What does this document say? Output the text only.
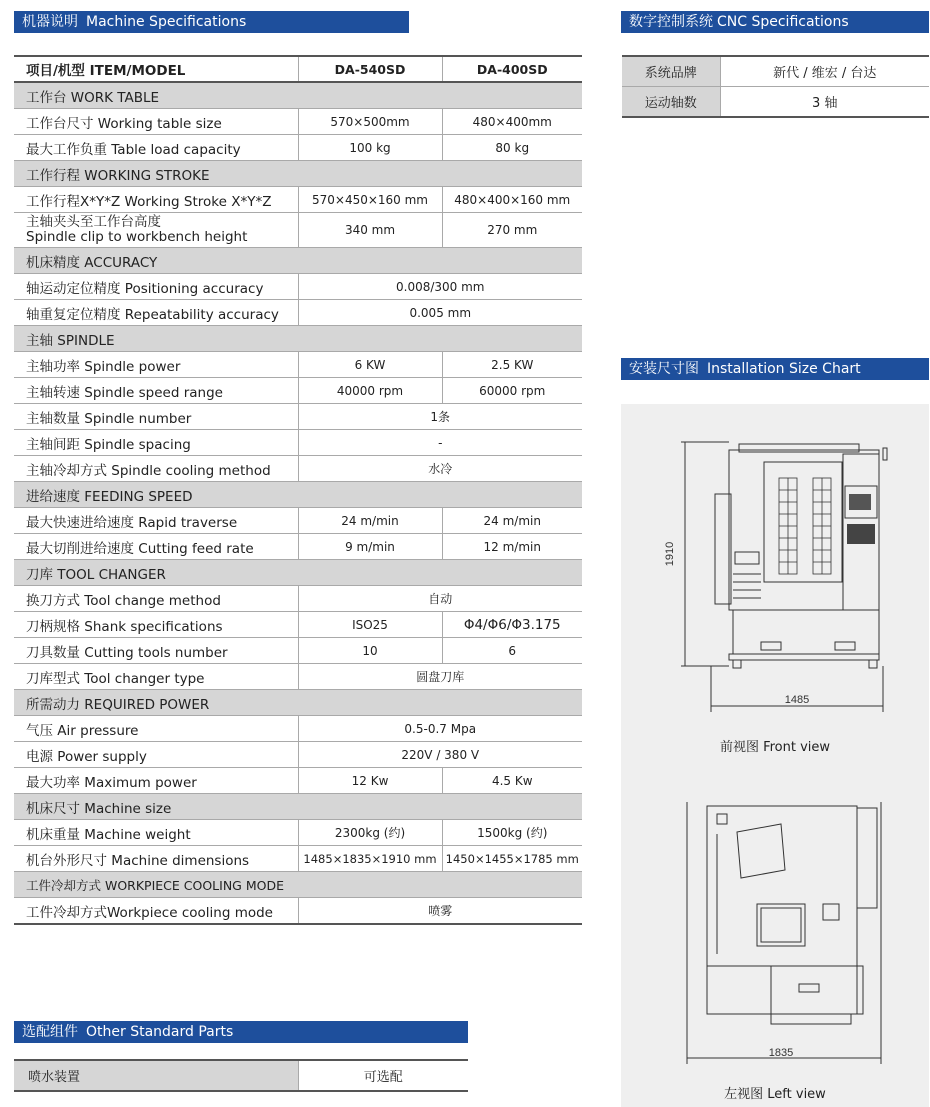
机器说明 Machine Specifications
项目/机型 ITEM/MODEL	DA-540SD	DA-400SD
工作台 WORK TABLE		
工作台尺寸 Working table size	570×500mm	480×400mm
最大工作负重 Table load capacity	100 kg	80 kg
工作行程 WORKING STROKE		
工作行程X*Y*Z Working Stroke X*Y*Z	570×450×160 mm	480×400×160 mm
主轴夹头至工作台高度
Spindle clip to workbench height	340 mm	270 mm
机床精度 ACCURACY		
轴运动定位精度 Positioning accuracy	0.008/300 mm	
轴重复定位精度 Repeatability accuracy	0.005 mm	
主轴 SPINDLE		
主轴功率 Spindle power	6 KW	2.5 KW
主轴转速 Spindle speed range	40000 rpm	60000 rpm
主轴数量 Spindle number	1条	
主轴间距 Spindle spacing	-	
主轴冷却方式 Spindle cooling method	水冷	
进给速度 FEEDING SPEED		
最大快速进给速度 Rapid traverse	24 m/min	24 m/min
最大切削进给速度 Cutting feed rate	9 m/min	12 m/min
刀库 TOOL CHANGER		
换刀方式 Tool change method	自动	
刀柄规格 Shank specifications	ISO25	Φ4/Φ6/Φ3.175
刀具数量 Cutting tools number	10	6
刀库型式 Tool changer type	圆盘刀库	
所需动力 REQUIRED POWER		
气压 Air pressure	0.5-0.7 Mpa	
电源 Power supply	220V / 380 V	
最大功率 Maximum power	12 Kw	4.5 Kw
机床尺寸 Machine size		
机床重量 Machine weight	2300kg (约)	1500kg (约)
机台外形尺寸 Machine dimensions	1485×1835×1910 mm	1450×1455×1785 mm
工件冷却方式 WORKPIECE COOLING MODE		
工件冷却方式Workpiece cooling mode	喷雾	
数字控制系统 CNC Specifications
系统品牌	新代 / 维宏 / 台达
运动轴数	3 轴
安装尺寸图 Installation Size Chart
1910
1485
前视图 Front view
1835
左视图 Left view
选配组件 Other Standard Parts
喷水装置	可选配
